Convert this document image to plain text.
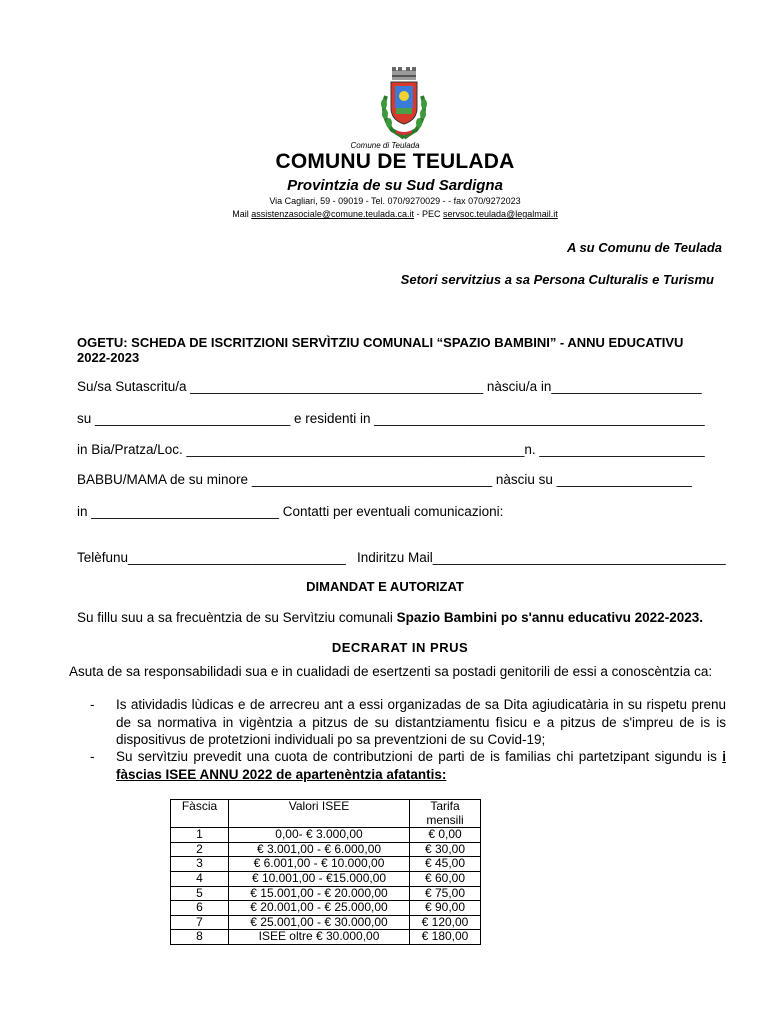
Comune di Teulada
COMUNU DE TEULADA
Provintzia de su Sud Sardigna
Via Cagliari, 59 - 09019 - Tel. 070/9270029 - - fax 070/9272023
Mail assistenzasociale@comune.teulada.ca.it - PEC servsoc.teulada@legalmail.it
A su Comunu de Teulada
Setori servitzius a sa Persona Culturalis e Turismu
OGETU: SCHEDA DE ISCRITZIONI SERVÌTZIU COMUNALI “SPAZIO BAMBINI” - ANNU EDUCATIVU 2022-2023
Su/sa Sutascritu/a _______________________________________ nàsciu/a in____________________
su __________________________ e residenti in ____________________________________________
in Bia/Pratza/Loc. _____________________________________________n. ______________________
BABBU/MAMA de su minore ________________________________ nàsciu su __________________
in _________________________ Contatti per eventuali comunicazioni:
Telèfunu_____________________________   Indiritzu Mail_______________________________________
DIMANDAT E AUTORIZAT
Su fillu suu a sa frecuèntzia de su Servìtziu comunali Spazio Bambini po s'annu educativu 2022-2023.
DECRARAT IN PRUS
Asuta de sa responsabilidadi sua e in cualidadi de esertzenti sa postadi genitorili de essi a conoscèntzia ca:
- Is atividadis lùdicas e de arrecreu ant a essi organizadas de sa Dita agiudicatària in su rispetu prenu de sa normativa in vigèntzia a pitzus de su distantziamentu fìsicu e a pitzus de s'impreu de is is dispositivus de protetzioni individuali po sa preventzioni de su Covid-19;
- Su servìtziu prevedit una cuota de contributzioni de parti de is familias chi partetzipant sigundu is i fàscias ISEE ANNU 2022 de apartenèntzia afatantis:
Fàscia	Valori ISEE	Tarifa mensili
1	0,00- € 3.000,00	€ 0,00
2	€ 3.001,00 - € 6.000,00	€ 30,00
3	€ 6.001,00 - € 10.000,00	€ 45,00
4	€ 10.001,00 - €15.000,00	€ 60,00
5	€ 15.001,00 - € 20.000,00	€ 75,00
6	€ 20.001,00 - € 25.000,00	€ 90,00
7	€ 25.001,00 - € 30.000,00	€ 120,00
8	ISEE oltre € 30.000,00	€ 180,00
